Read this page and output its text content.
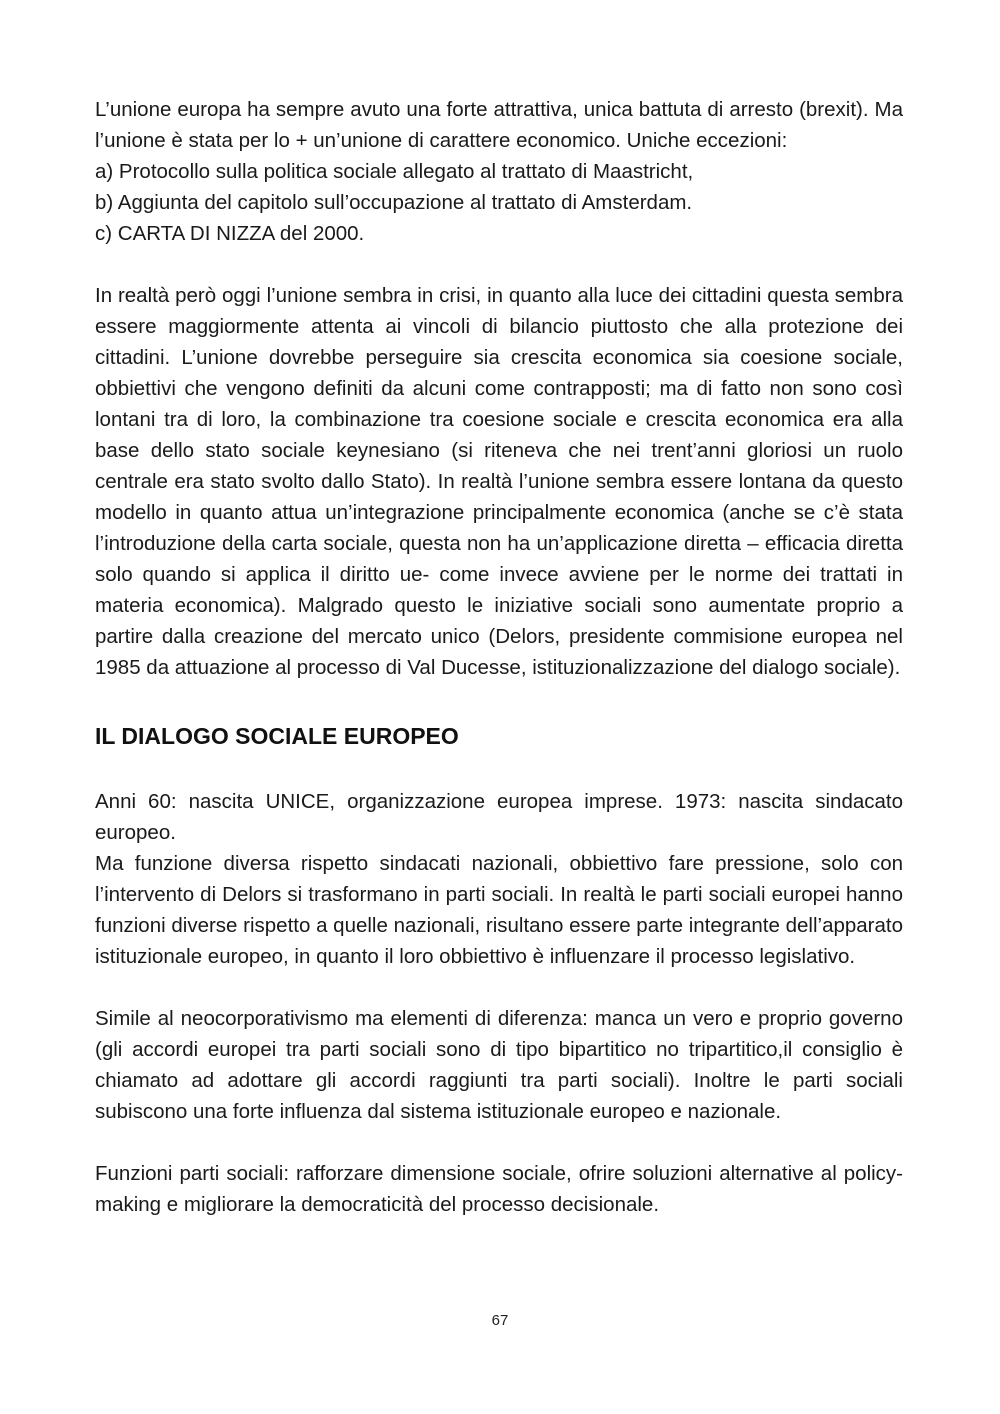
L’unione europa ha sempre avuto una forte attrattiva, unica battuta di arresto (brexit). Ma l’unione è stata per lo + un’unione di carattere economico. Uniche eccezioni:

a) Protocollo sulla politica sociale allegato al trattato di Maastricht,

b) Aggiunta del capitolo sull’occupazione al trattato di Amsterdam.

c) CARTA DI NIZZA del 2000.

In realtà però oggi l’unione sembra in crisi, in quanto alla luce dei cittadini questa sembra essere maggiormente attenta ai vincoli di bilancio piuttosto che alla protezione dei cittadini. L’unione dovrebbe perseguire sia crescita economica sia coesione sociale, obbiettivi che vengono definiti da alcuni come contrapposti; ma di fatto non sono così lontani tra di loro, la combinazione tra coesione sociale e crescita economica era alla base dello stato sociale keynesiano (si riteneva che nei trent’anni gloriosi un ruolo centrale era stato svolto dallo Stato). In realtà l’unione sembra essere lontana da questo modello in quanto attua un’integrazione principalmente economica (anche se c’è stata l’introduzione della carta sociale, questa non ha un’applicazione diretta – efficacia diretta solo quando si applica il diritto ue- come invece avviene per le norme dei trattati in materia economica). Malgrado questo le iniziative sociali sono aumentate proprio a partire dalla creazione del mercato unico (Delors, presidente commisione europea nel 1985 da attuazione al processo di Val Ducesse, istituzionalizzazione del dialogo sociale).

IL DIALOGO SOCIALE EUROPEO

Anni 60: nascita UNICE, organizzazione europea imprese. 1973: nascita sindacato europeo.

Ma funzione diversa rispetto sindacati nazionali, obbiettivo fare pressione, solo con l’intervento di Delors si trasformano in parti sociali. In realtà le parti sociali europei hanno funzioni diverse rispetto a quelle nazionali, risultano essere parte integrante dell’apparato istituzionale europeo, in quanto il loro obbiettivo è influenzare il processo legislativo.

Simile al neocorporativismo ma elementi di diferenza: manca un vero e proprio governo (gli accordi europei tra parti sociali sono di tipo bipartitico no tripartitico,il consiglio è chiamato ad adottare gli accordi raggiunti tra parti sociali). Inoltre le parti sociali subiscono una forte influenza dal sistema istituzionale europeo e nazionale.

Funzioni parti sociali: rafforzare dimensione sociale, ofrire soluzioni alternative al policy-making e migliorare la democraticità del processo decisionale.

67
